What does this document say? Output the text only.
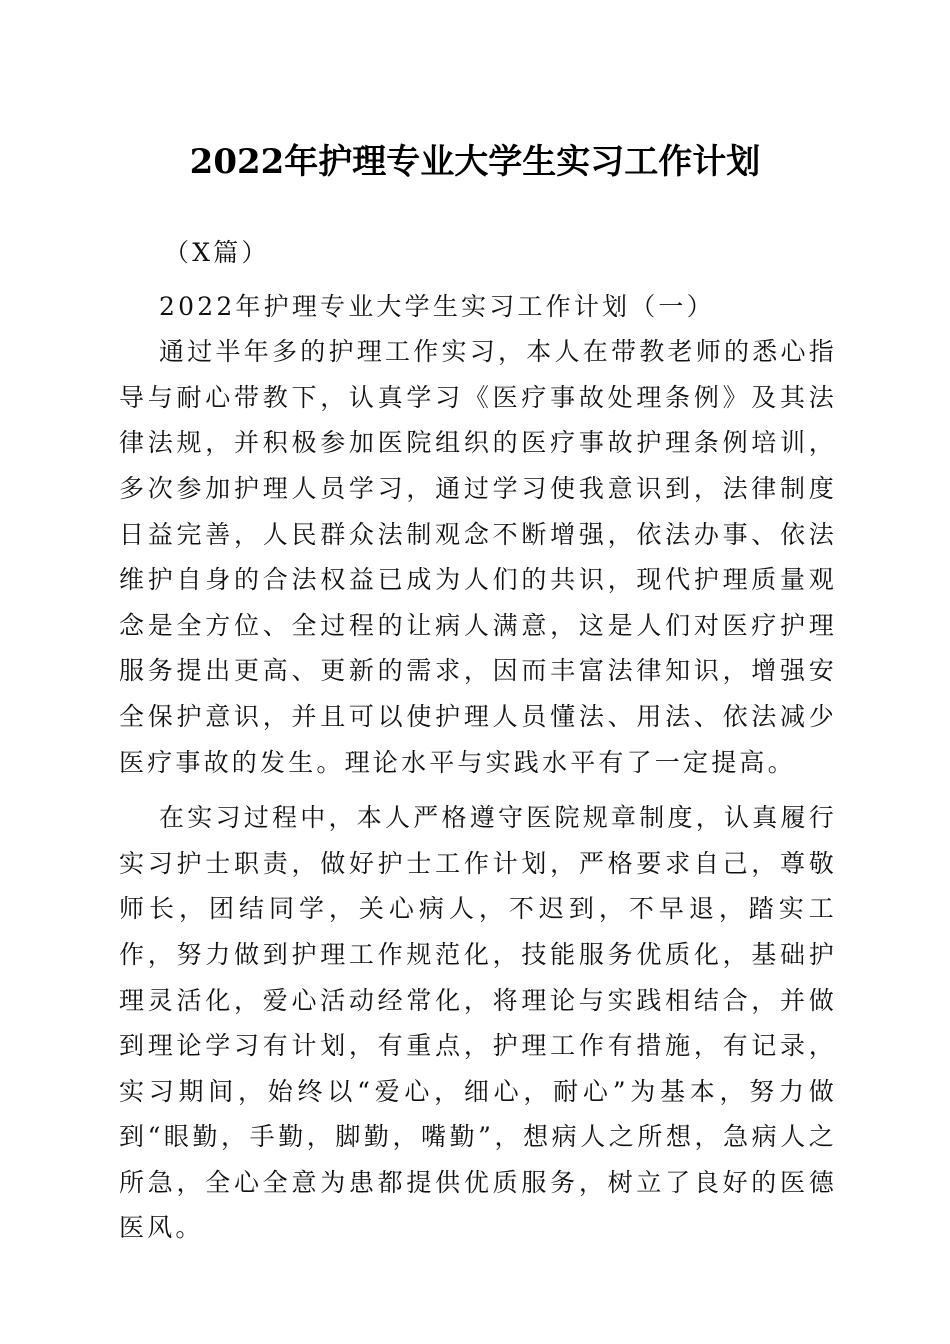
2022年护理专业大学生实习工作计划

（X篇）

2022年护理专业大学生实习工作计划（一）

通过半年多的护理工作实习，本人在带教老师的悉心指导与耐心带教下，认真学习《医疗事故处理条例》及其法律法规，并积极参加医院组织的医疗事故护理条例培训，多次参加护理人员学习，通过学习使我意识到，法律制度日益完善，人民群众法制观念不断增强，依法办事、依法维护自身的合法权益已成为人们的共识，现代护理质量观念是全方位、全过程的让病人满意，这是人们对医疗护理服务提出更高、更新的需求，因而丰富法律知识，增强安全保护意识，并且可以使护理人员懂法、用法、依法减少医疗事故的发生。理论水平与实践水平有了一定提高。

在实习过程中，本人严格遵守医院规章制度，认真履行实习护士职责，做好护士工作计划，严格要求自己，尊敬师长，团结同学，关心病人，不迟到，不早退，踏实工作，努力做到护理工作规范化，技能服务优质化，基础护理灵活化，爱心活动经常化，将理论与实践相结合，并做到理论学习有计划，有重点，护理工作有措施，有记录，实习期间，始终以“爱心，细心，耐心”为基本，努力做到“眼勤，手勤，脚勤，嘴勤”，想病人之所想，急病人之所急，全心全意为患都提供优质服务，树立了良好的医德医风。
